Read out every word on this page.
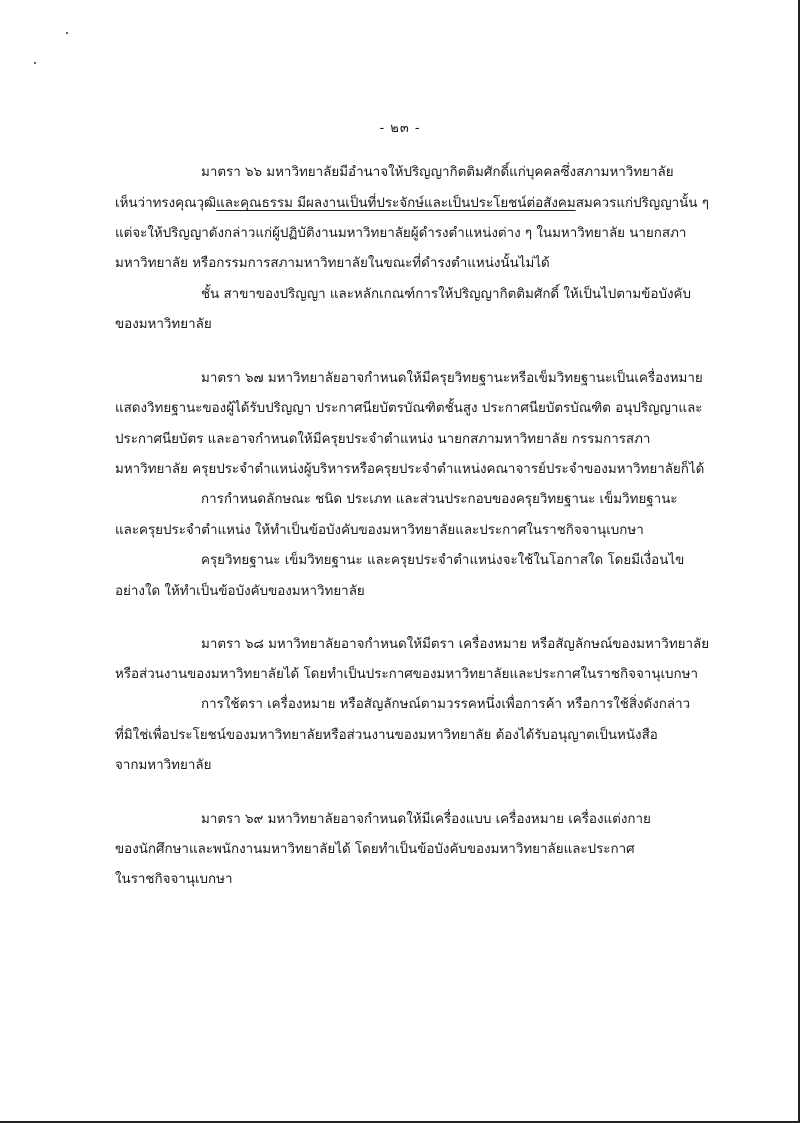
- ๒๓ -
มาตรา ๖๖ มหาวิทยาลัยมีอำนาจให้ปริญญากิตติมศักดิ์แก่บุคคลซึ่งสภามหาวิทยาลัย
เห็นว่าทรงคุณวุฒิและคุณธรรม มีผลงานเป็นที่ประจักษ์และเป็นประโยชน์ต่อสังคมสมควรแก่ปริญญานั้น ๆ
แต่จะให้ปริญญาดังกล่าวแก่ผู้ปฏิบัติงานมหาวิทยาลัยผู้ดำรงตำแหน่งต่าง ๆ ในมหาวิทยาลัย นายกสภา
มหาวิทยาลัย หรือกรรมการสภามหาวิทยาลัยในขณะที่ดำรงตำแหน่งนั้นไม่ได้
ชั้น สาขาของปริญญา และหลักเกณฑ์การให้ปริญญากิตติมศักดิ์ ให้เป็นไปตามข้อบังคับ
ของมหาวิทยาลัย
มาตรา ๖๗ มหาวิทยาลัยอาจกำหนดให้มีครุยวิทยฐานะหรือเข็มวิทยฐานะเป็นเครื่องหมาย
แสดงวิทยฐานะของผู้ได้รับปริญญา ประกาศนียบัตรบัณฑิตชั้นสูง ประกาศนียบัตรบัณฑิต อนุปริญญาและ
ประกาศนียบัตร และอาจกำหนดให้มีครุยประจำตำแหน่ง นายกสภามหาวิทยาลัย กรรมการสภา
มหาวิทยาลัย ครุยประจำตำแหน่งผู้บริหารหรือครุยประจำตำแหน่งคณาจารย์ประจำของมหาวิทยาลัยก็ได้
การกำหนดลักษณะ ชนิด ประเภท และส่วนประกอบของครุยวิทยฐานะ เข็มวิทยฐานะ
และครุยประจำตำแหน่ง ให้ทำเป็นข้อบังคับของมหาวิทยาลัยและประกาศในราชกิจจานุเบกษา
ครุยวิทยฐานะ เข็มวิทยฐานะ และครุยประจำตำแหน่งจะใช้ในโอกาสใด โดยมีเงื่อนไข
อย่างใด ให้ทำเป็นข้อบังคับของมหาวิทยาลัย
มาตรา ๖๘ มหาวิทยาลัยอาจกำหนดให้มีตรา เครื่องหมาย หรือสัญลักษณ์ของมหาวิทยาลัย
หรือส่วนงานของมหาวิทยาลัยได้ โดยทำเป็นประกาศของมหาวิทยาลัยและประกาศในราชกิจจานุเบกษา
การใช้ตรา เครื่องหมาย หรือสัญลักษณ์ตามวรรคหนึ่งเพื่อการค้า หรือการใช้สิ่งดังกล่าว
ที่มิใช่เพื่อประโยชน์ของมหาวิทยาลัยหรือส่วนงานของมหาวิทยาลัย ต้องได้รับอนุญาตเป็นหนังสือ
จากมหาวิทยาลัย
มาตรา ๖๙ มหาวิทยาลัยอาจกำหนดให้มีเครื่องแบบ เครื่องหมาย เครื่องแต่งกาย
ของนักศึกษาและพนักงานมหาวิทยาลัยได้ โดยทำเป็นข้อบังคับของมหาวิทยาลัยและประกาศ
ในราชกิจจานุเบกษา
